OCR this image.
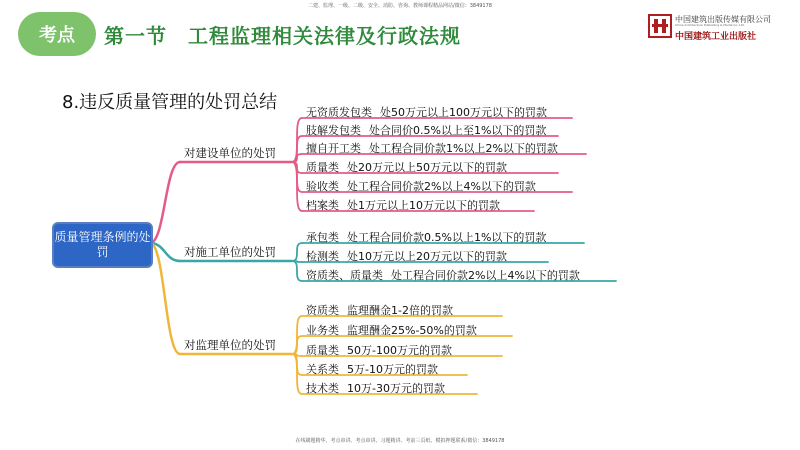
二建、监理、一级、二级、安全、消防、咨询、教师课程精品网站/微信：3849178
考点	第一节　工程监理相关法律及行政法规
中国建筑出版传媒有限公司
China Architecture Publishing & Media Co.,Ltd.
中国建筑工业出版社
8.违反质量管理的处罚总结
质量管理条例的处罚
对建设单位的处罚
无资质发包类 处50万元以上100万元以下的罚款
肢解发包类 处合同价0.5%以上至1%以下的罚款
擅自开工类 处工程合同价款1%以上2%以下的罚款
质量类 处20万元以上50万元以下的罚款
验收类 处工程合同价款2%以上4%以下的罚款
档案类 处1万元以上10万元以下的罚款
对施工单位的处罚
承包类 处工程合同价款0.5%以上1%以下的罚款
检测类 处10万元以上20万元以下的罚款
资质类、质量类 处工程合同价款2%以上4%以下的罚款
对监理单位的处罚
资质类 监理酬金1-2倍的罚款
业务类 监理酬金25%-50%的罚款
质量类 50万-100万元的罚款
关系类 5万-10万元的罚款
技术类 10万-30万元的罚款
在线刷题精华、考点串讲、考点串讲、习题精讲、考前三页纸、模拟押题联系/微信：3849178
